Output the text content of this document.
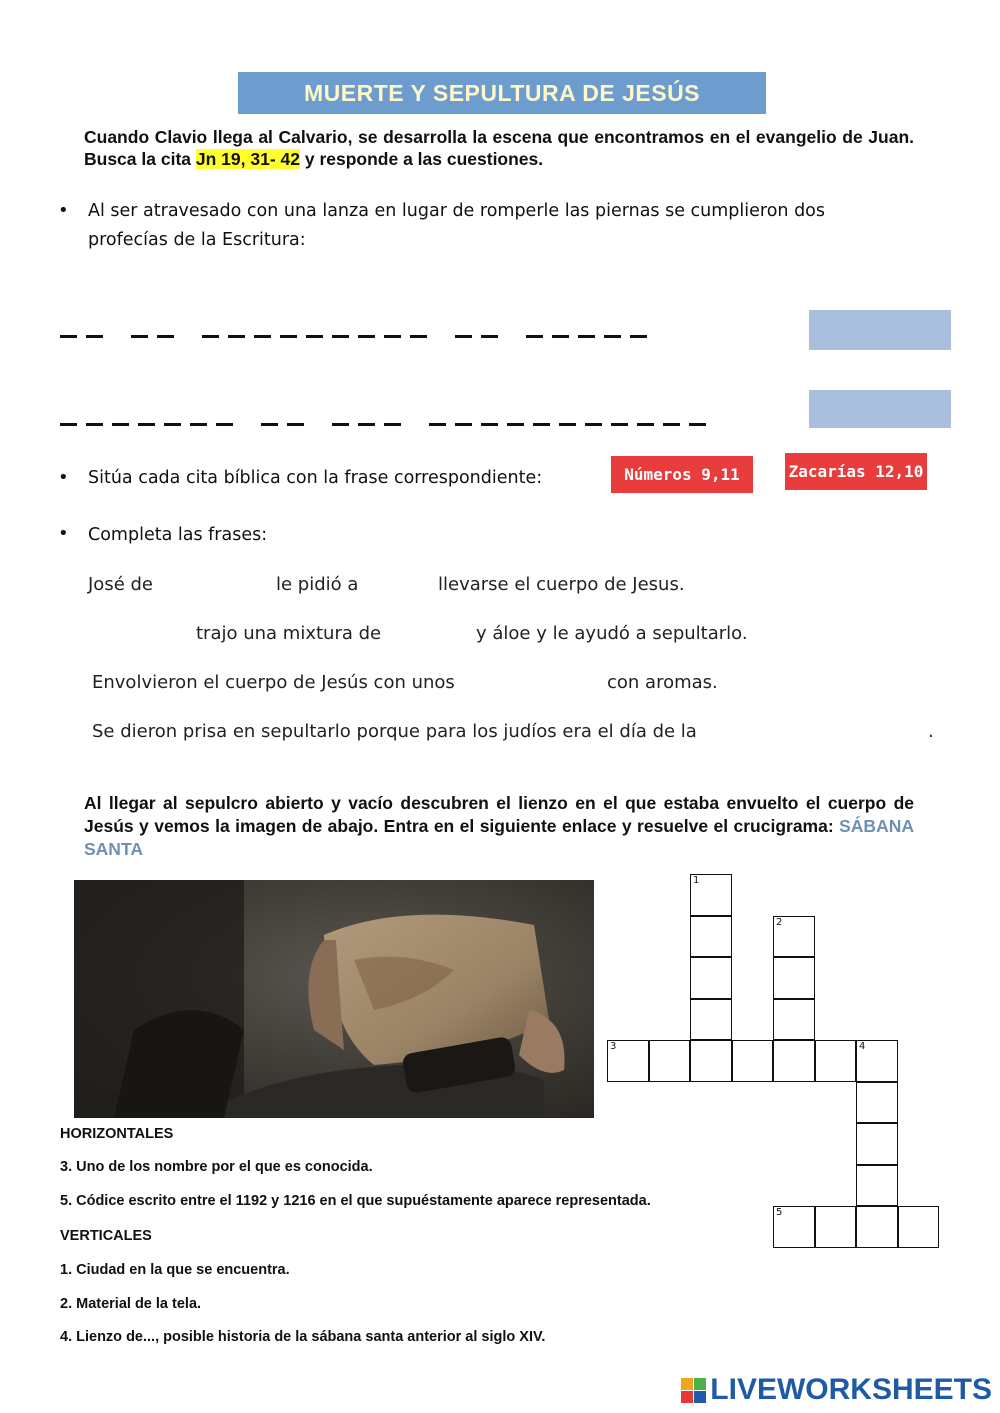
MUERTE Y SEPULTURA DE JESÚS
Cuando Clavio llega al Calvario, se desarrolla la escena que encontramos en el evangelio de Juan. Busca la cita Jn 19, 31- 42 y responde a las cuestiones.
• Al ser atravesado con una lanza en lugar de romperle las piernas se cumplieron dos
profecías de la Escritura:
• Sitúa cada cita bíblica con la frase correspondiente:	Números 9,11	Zacarías 12,10
• Completa las frases:
José de	le pidió a	llevarse el cuerpo de Jesus.
trajo una mixtura de	y áloe y le ayudó a sepultarlo.
Envolvieron el cuerpo de Jesús con unos	con aromas.
Se dieron prisa en sepultarlo porque para los judíos era el día de la	.
Al llegar al sepulcro abierto y vacío descubren el lienzo en el que estaba envuelto el cuerpo de Jesús y vemos la imagen de abajo. Entra en el siguiente enlace y resuelve el crucigrama: SÁBANA SANTA
HORIZONTALES
3. Uno de los nombre por el que es conocida.
5. Códice escrito entre el 1192 y 1216 en el que supuéstamente aparece representada.
VERTICALES
1. Ciudad en la que se encuentra.
2. Material de la tela.
4. Lienzo de..., posible historia de la sábana santa anterior al siglo XIV.
1
2
3	4
5
LIVEWORKSHEETS
